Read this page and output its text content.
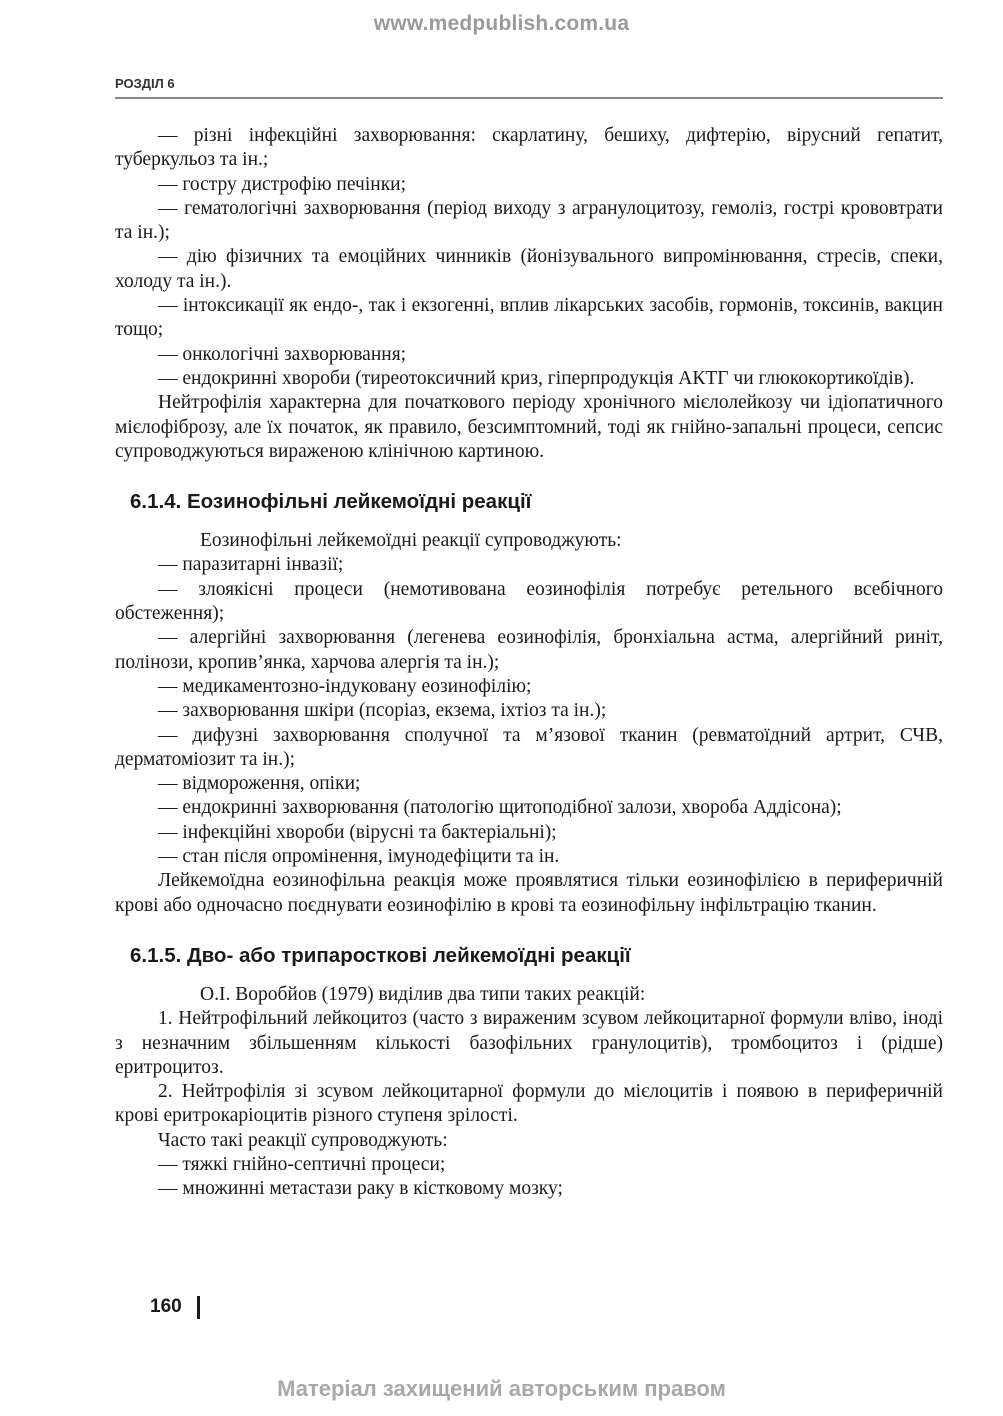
www.medpublish.com.ua
РОЗДІЛ 6

— різні інфекційні захворювання: скарлатину, бешиху, дифтерію, вірусний гепатит, туберкульоз та ін.;

— гостру дистрофію печінки;

— гематологічні захворювання (період виходу з агранулоцитозу, гемоліз, гострі крововтрати та ін.);

— дію фізичних та емоційних чинників (йонізувального випромінювання, стресів, спеки, холоду та ін.).

— інтоксикації як ендо-, так і екзогенні, вплив лікарських засобів, гормонів, токсинів, вакцин тощо;

— онкологічні захворювання;

— ендокринні хвороби (тиреотоксичний криз, гіперпродукція АКТГ чи глюкокортикоїдів).

Нейтрофілія характерна для початкового періоду хронічного мієлолейкозу чи ідіопатичного мієлофіброзу, але їх початок, як правило, безсимптомний, тоді як гнійно-запальні процеси, сепсис супроводжуються вираженою клінічною картиною.

6.1.4. Еозинофільні лейкемоїдні реакції

Еозинофільні лейкемоїдні реакції супроводжують:

— паразитарні інвазії;

— злоякісні процеси (немотивована еозинофілія потребує ретельного всебічного обстеження);

— алергійні захворювання (легенева еозинофілія, бронхіальна астма, алергійний риніт, полінози, кропив’янка, харчова алергія та ін.);

— медикаментозно-індуковану еозинофілію;

— захворювання шкіри (псоріаз, екзема, іхтіоз та ін.);

— дифузні захворювання сполучної та м’язової тканин (ревматоїдний артрит, СЧВ, дерматоміозит та ін.);

— відмороження, опіки;

— ендокринні захворювання (патологію щитоподібної залози, хвороба Аддісона);

— інфекційні хвороби (вірусні та бактеріальні);

— стан після опромінення, імунодефіцити та ін.

Лейкемоїдна еозинофільна реакція може проявлятися тільки еозинофілією в периферичній крові або одночасно поєднувати еозинофілію в крові та еозинофільну інфільтрацію тканин.

6.1.5. Дво- або трипаросткові лейкемоїдні реакції

О.І. Воробйов (1979) виділив два типи таких реакцій:

1. Нейтрофільний лейкоцитоз (часто з вираженим зсувом лейкоцитарної формули вліво, іноді з незначним збільшенням кількості базофільних гранулоцитів), тромбоцитоз і (рідше) еритроцитоз.

2. Нейтрофілія зі зсувом лейкоцитарної формули до мієлоцитів і появою в периферичній крові еритрокаріоцитів різного ступеня зрілості.

Часто такі реакції супроводжують:

— тяжкі гнійно-септичні процеси;

— множинні метастази раку в кістковому мозку;

160
Матеріал захищений авторським правом
